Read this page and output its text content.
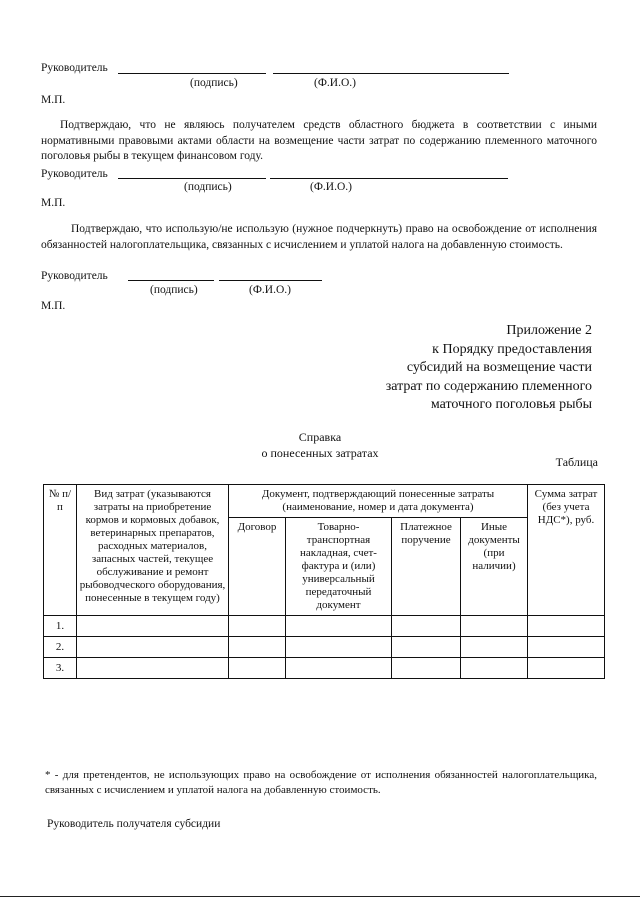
Руководитель
(подпись)	(Ф.И.О.)
М.П.
Подтверждаю, что не являюсь получателем средств областного бюджета в соответствии с иными нормативными правовыми актами области на возмещение части затрат по содержанию племенного маточного поголовья рыбы в текущем финансовом году.
Руководитель
(подпись)	(Ф.И.О.)
М.П.
Подтверждаю, что использую/не использую (нужное подчеркнуть) право на освобождение от исполнения обязанностей налогоплательщика, связанных с исчислением и уплатой налога на добавленную стоимость.
Руководитель
(подпись)	(Ф.И.О.)
М.П.
Приложение 2
к Порядку предоставления
субсидий на возмещение части
затрат по содержанию племенного
маточного поголовья рыбы
Справка
о понесенных затратах
Таблица
№ п/п	Вид затрат (указываются затраты на приобретение кормов и кормовых добавок, ветеринарных препаратов, расходных материалов, запасных частей, текущее обслуживание и ремонт рыбоводческого оборудования, понесенные в текущем году)	Документ, подтверждающий понесенные затраты (наименование, номер и дата документа)				Сумма затрат (без учета НДС*), руб.
		Договор	Товарно-транспортная накладная, счет-фактура и (или) универсальный передаточный документ	Платежное поручение	Иные документы (при наличии)	
1.						
2.						
3.						
* - для претендентов, не использующих право на освобождение от исполнения обязанностей налогоплательщика, связанных с исчислением и уплатой налога на добавленную стоимость.
Руководитель получателя субсидии
